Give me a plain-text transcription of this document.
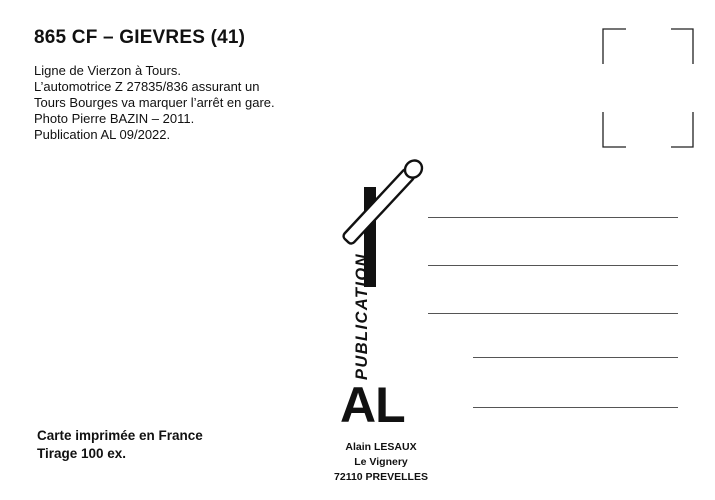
865 CF – GIEVRES (41)
Ligne de Vierzon à Tours.
L’automotrice Z 27835/836 assurant un
Tours Bourges va marquer l’arrêt en gare.
Photo Pierre BAZIN – 2011.
Publication AL 09/2022.
Carte imprimée en France
Tirage 100 ex.
PUBLICATION
AL
Alain LESAUX
Le Vignery
72110 PREVELLES
